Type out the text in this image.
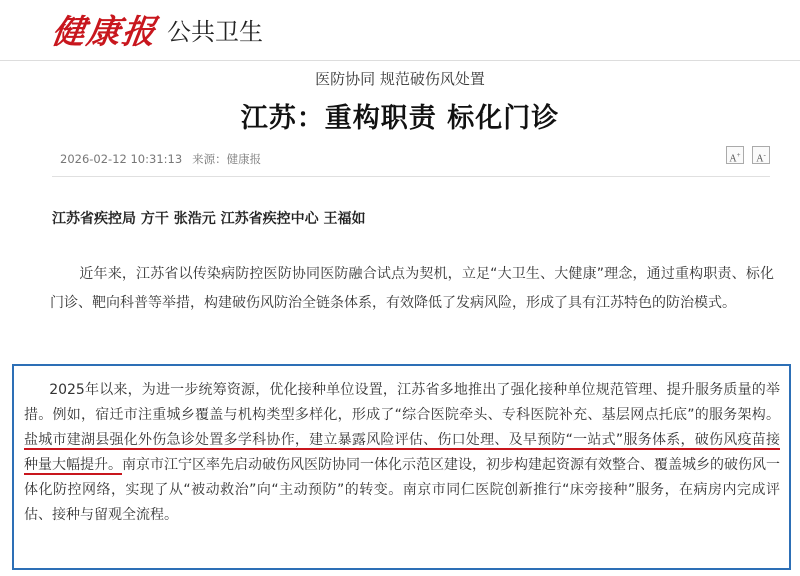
健康报 公共卫生
医防协同 规范破伤风处置
江苏：重构职责 标化门诊
2026-02-12 10:31:13 来源：健康报	A+	A-
江苏省疾控局 方干 张浩元 江苏省疾控中心 王福如
近年来，江苏省以传染病防控医防协同医防融合试点为契机，立足“大卫生、大健康”理念，通过重构职责、标化门诊、靶向科普等举措，构建破伤风防治全链条体系，有效降低了发病风险，形成了具有江苏特色的防治模式。
2025年以来，为进一步统筹资源，优化接种单位设置，江苏省多地推出了强化接种单位规范管理、提升服务质量的举措。例如，宿迁市注重城乡覆盖与机构类型多样化，形成了“综合医院牵头、专科医院补充、基层网点托底”的服务架构。盐城市建湖县强化外伤急诊处置多学科协作，建立暴露风险评估、伤口处理、及早预防“一站式”服务体系，破伤风疫苗接种量大幅提升。南京市江宁区率先启动破伤风医防协同一体化示范区建设，初步构建起资源有效整合、覆盖城乡的破伤风一体化防控网络，实现了从“被动救治”向“主动预防”的转变。南京市同仁医院创新推行“床旁接种”服务，在病房内完成评估、接种与留观全流程。
